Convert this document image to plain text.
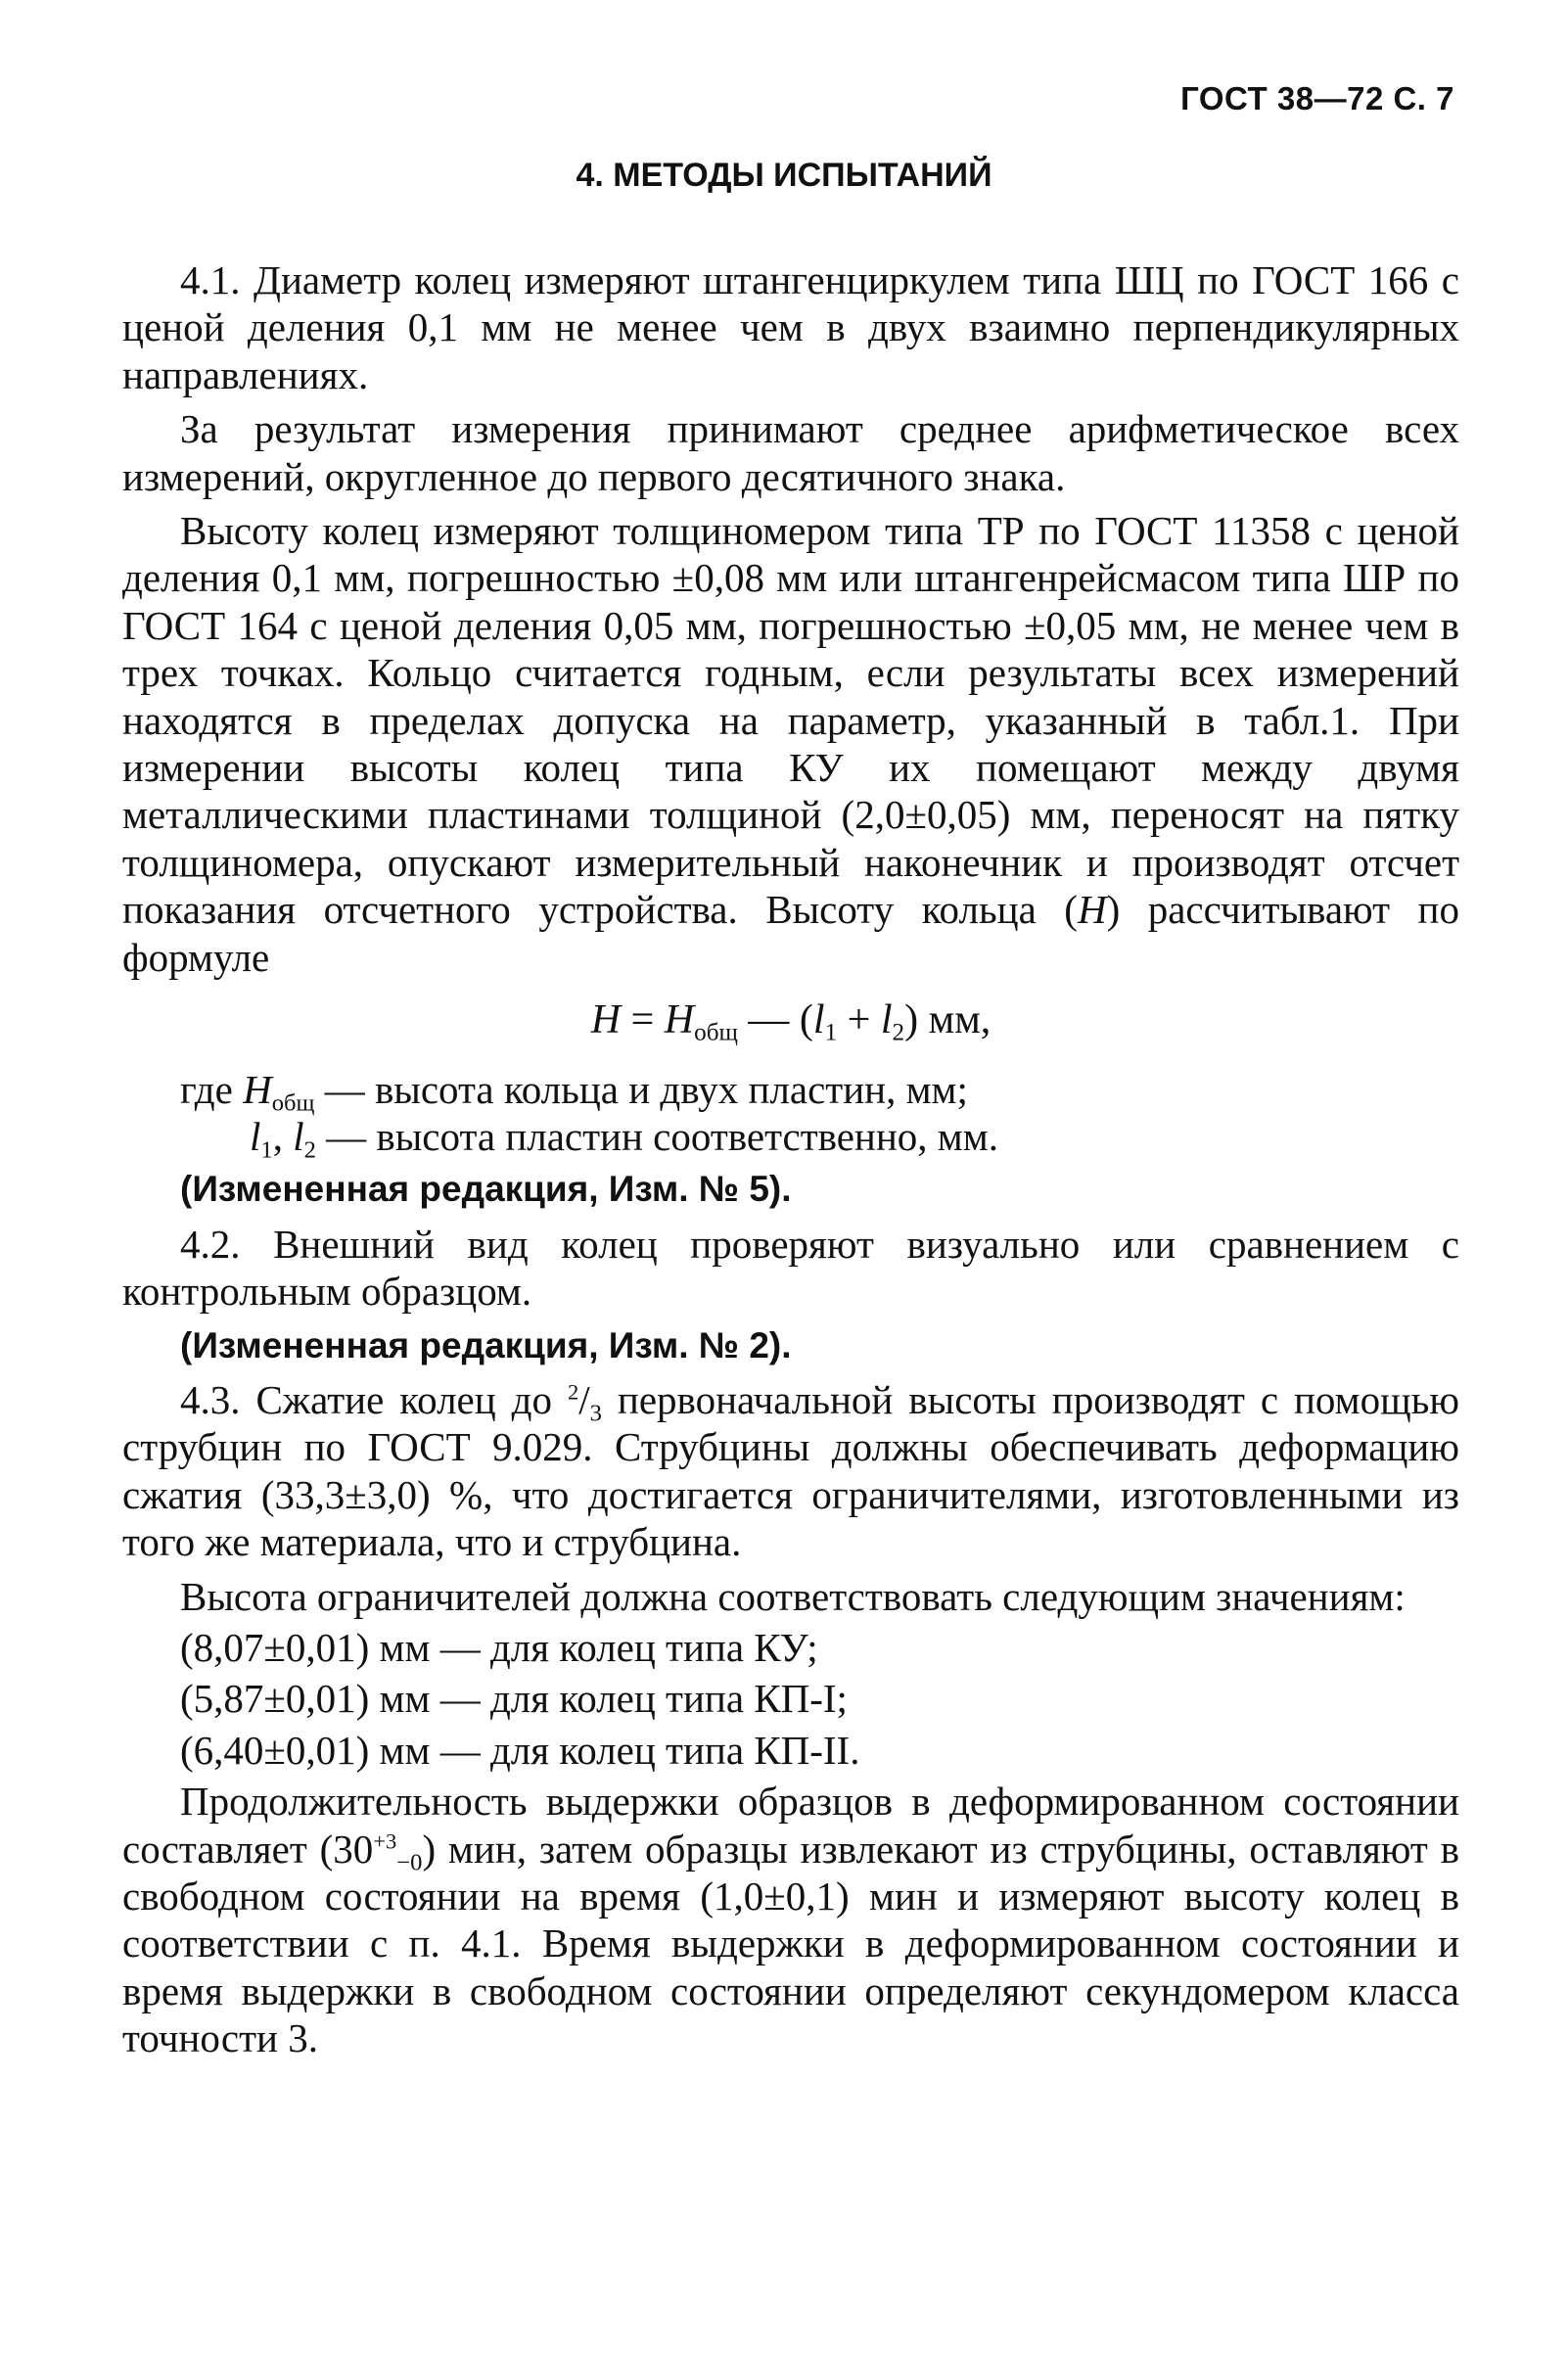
ГОСТ 38—72 С. 7
4. МЕТОДЫ ИСПЫТАНИЙ

4.1. Диаметр колец измеряют штангенциркулем типа ШЦ по ГОСТ 166 с ценой деления 0,1 мм не менее чем в двух взаимно перпендикулярных направлениях.

За результат измерения принимают среднее арифметическое всех измерений, округленное до первого десятичного знака.

Высоту колец измеряют толщиномером типа ТР по ГОСТ 11358 с ценой деления 0,1 мм, погрешностью ±0,08 мм или штангенрейсмасом типа ШР по ГОСТ 164 с ценой деления 0,05 мм, погрешностью ±0,05 мм, не менее чем в трех точках. Кольцо считается годным, если результаты всех измерений находятся в пределах допуска на параметр, указанный в табл.1. При измерении высоты колец типа КУ их помещают между двумя металлическими пластинами толщиной (2,0±0,05) мм, переносят на пятку толщиномера, опускают измерительный наконечник и производят отсчет показания отсчетного устройства. Высоту кольца (H) рассчитывают по формуле

$H = H_{общ}$ — $(l_1 + l_2)$ мм,

где $H_{общ}$ — высота кольца и двух пластин, мм;

$l_1$, $l_2$ — высота пластин соответственно, мм.

(Измененная редакция, Изм. № 5).

4.2. Внешний вид колец проверяют визуально или сравнением с контрольным образцом.

(Измененная редакция, Изм. № 2).

4.3. Сжатие колец до $^2/_3$ первоначальной высоты производят с помощью струбцин по ГОСТ 9.029. Струбцины должны обеспечивать деформацию сжатия (33,3±3,0) %, что достигается ограничителями, изготовленными из того же материала, что и струбцина.

Высота ограничителей должна соответствовать следующим значениям:

(8,07±0,01) мм — для колец типа КУ;

(5,87±0,01) мм — для колец типа КП-I;

(6,40±0,01) мм — для колец типа КП-II.

Продолжительность выдержки образцов в деформированном состоянии составляет $(30^{+3}_{-0})$ мин, затем образцы извлекают из струбцины, оставляют в свободном состоянии на время (1,0±0,1) мин и измеряют высоту колец в соответствии с п. 4.1. Время выдержки в деформированном состоянии и время выдержки в свободном состоянии определяют секундомером класса точности 3.
